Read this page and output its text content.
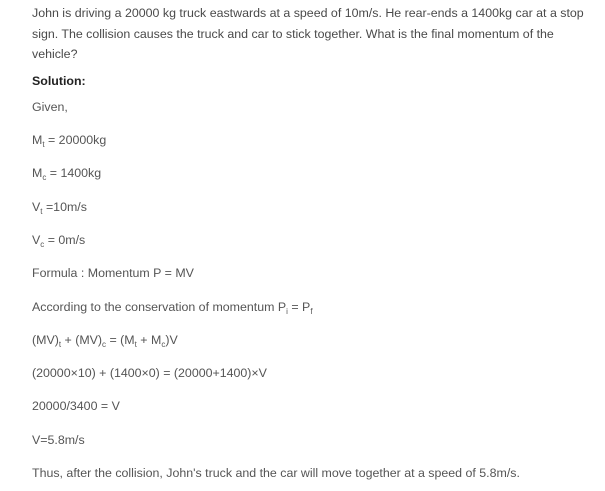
John is driving a 20000 kg truck eastwards at a speed of 10m/s. He rear-ends a 1400kg car at a stop sign. The collision causes the truck and car to stick together. What is the final momentum of the vehicle?
Solution:
Given,
$M_t = 20000kg$
$M_c = 1400kg$
$V_t =10m/s$
$V_c = 0m/s$
Formula : Momentum P = MV
According to the conservation of momentum $P_i = P_f$
$(MV)_t + (MV)_c = (M_t + M_c)V$
(20000×10) + (1400×0) = (20000+1400)×V
20000/3400 = V
V=5.8m/s
Thus, after the collision, John's truck and the car will move together at a speed of 5.8m/s.
